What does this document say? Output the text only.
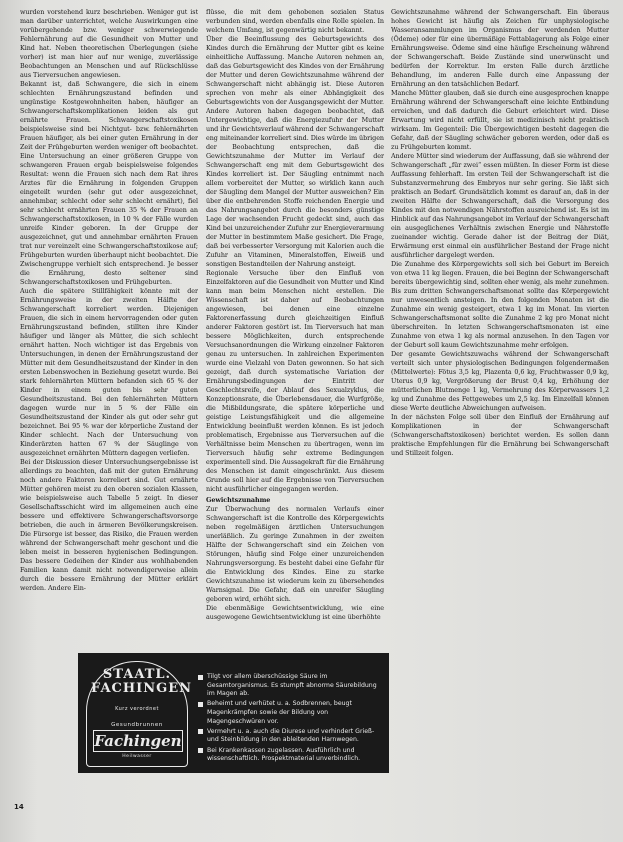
wurden vorstehend kurz beschrieben. Weniger gut ist man darüber unterrichtet, welche Auswirkungen eine vorübergehende bzw. weniger schwerwiegende Fehlernährung auf die Gesundheit von Mutter und Kind hat. Neben theoretischen Überlegungen (siehe vorher) ist man hier auf nur wenige, zuverlässige Beobachtungen an Menschen und auf Rückschlüsse aus Tierversuchen angewiesen.

Bekannt ist, daß Schwangere, die sich in einem schlechten Ernährungszustand befinden und ungünstige Kostgewohnheiten haben, häufiger an Schwangerschaftskomplikationen leiden als gut ernährte Frauen. Schwangerschaftstoxikosen beispielsweise sind bei Nichtgut- bzw. fehlernährten Frauen häufiger, als bei einer guten Ernährung in der Zeit der Frühgeburten werden weniger oft beobachtet. Eine Untersuchung an einer größeren Gruppe von schwangeren Frauen ergab beispielsweise folgendes Resultat: wenn die Frauen sich nach dem Rat ihres Arztes für die Ernährung in folgenden Gruppen eingeteilt wurden (sehr gut oder ausgezeichnet, annehmbar, schlecht oder sehr schlecht ernährt), fiel sehr schlecht ernährten Frauen 35 % der Frauen an Schwangerschaftstoxikosen, in 10 % der Fälle wurden unreife Kinder geboren. In der Gruppe der ausgezeichnet, gut und annehmbar ernährten Frauen trat nur vereinzelt eine Schwangerschaftstoxikose auf; Frühgeburten wurden überhaupt nicht beobachtet. Die Zwischengruppe verhielt sich entsprechend. Je besser die Ernährung, desto seltener sind Schwangerschaftstoxikosen und Frühgeburten.

Auch die spätere Stillfähigkeit könnte mit der Ernährungsweise in der zweiten Hälfte der Schwangerschaft korreliert werden. Diejenigen Frauen, die sich in einem hervorragenden oder guten Ernährungszustand befinden, stillten ihre Kinder häufiger und länger als Mütter, die sich schlecht ernährt hatten. Noch wichtiger ist das Ergebnis von Untersuchungen, in denen der Ernährungszustand der Mütter mit dem Gesundheitszustand der Kinder in den ersten Lebenswochen in Beziehung gesetzt wurde. Bei stark fehlernährten Müttern befanden sich 65 % der Kinder in einem guten bis sehr guten Gesundheitszustand. Bei den fehlernährten Müttern dagegen wurde nur in 5 % der Fälle ein Gesundheitszustand der Kinder als gut oder sehr gut bezeichnet. Bei 95 % war der körperliche Zustand der Kinder schlecht. Nach der Untersuchung von Kinderärzten hatten 67 % der Säuglinge von ausgezeichnet ernährten Müttern dagegen verliefen.

Bei der Diskussion dieser Untersuchungsergebnisse ist allerdings zu beachten, daß mit der guten Ernährung noch andere Faktoren korreliert sind. Gut ernährte Mütter gehören meist zu den oberen sozialen Klassen, wie beispielsweise auch Tabelle 5 zeigt. In dieser Gesellschaftsschicht wird im allgemeinen auch eine bessere und effektivere Schwangerschaftsvorsorge betrieben, die auch in ärmeren Bevölkerungskreisen. Die Fürsorge ist besser, das Risiko, die Frauen werden während der Schwangerschaft mehr geschont und die leben meist in besseren hygienischen Bedingungen. Das bessere Gedeihen der Kinder aus wohlhabenden Familien kann damit nicht notwendigerweise allein durch die bessere Ernährung der Mütter erklärt werden. Andere Ein-

flüsse, die mit dem gehobenen sozialen Status verbunden sind, werden ebenfalls eine Rolle spielen. In welchem Umfang, ist gegenwärtig nicht bekannt.

Über die Beeinflussung des Geburtsgewichts des Kindes durch die Ernährung der Mutter gibt es keine einheitliche Auffassung. Manche Autoren nehmen an, daß das Geburtsgewicht des Kindes von der Ernährung der Mutter und deren Gewichtszunahme während der Schwangerschaft nicht abhängig ist. Diese Autoren sprechen von mehr als einer Abhängigkeit des Geburtsgewichts von der Ausgangsgewicht der Mutter. Andere Autoren haben dagegen beobachtet, daß Untergewichtige, daß die Energiezufuhr der Mutter und ihr Gewichtsverlauf während der Schwangerschaft eng miteinander korreliert sind. Dies würde im übrigen der Beobachtung entsprechen, daß die Gewichtszunahme der Mutter im Verlauf der Schwangerschaft eng mit dem Geburtsgewicht des Kindes korreliert ist. Der Säugling entnimmt nach allem vorbereitet der Mutter, so wirklich kann auch der Säugling dem Mangel der Mutter ausweichen? Ein über die entbehrenden Stoffe reichenden Energie und das Nahrungsangebot durch die besonders günstige Lage der wachsenden Frucht gedeckt sind, auch das Kind bei unzureichender Zufuhr zur Energieverarmung der Mutter in bestimmtem Maße gesichert. Die Frage, daß bei verbesserter Versorgung mit Kalorien auch die Zufuhr an Vitaminen, Mineralstoffen, Eiweiß und sonstigen Bestandteilen der Nahrung ansteigt.

Regionale Versuche über den Einfluß von Einzelfaktoren auf die Gesundheit von Mutter und Kind kann man beim Menschen nicht erstellen. Die Wissenschaft ist daher auf Beobachtungen angewiesen, bei denen eine einzelne Faktorenerfassung durch gleichzeitigen Einfluß anderer Faktoren gestört ist. Im Tierversuch hat man bessere Möglichkeiten, durch entsprechende Versuchsanordnungen die Wirkung einzelner Faktoren genau zu untersuchen. In zahlreichen Experimenten wurde eine Vielzahl von Daten gewonnen. So hat sich gezeigt, daß durch systematische Variation der Ernährungsbedingungen der Eintritt der Geschlechtsreife, der Ablauf des Sexualzyklus, die Konzeptionsrate, die Überlebensdauer, die Wurfgröße, die Mißbildungsrate, die spätere körperliche und geistige Leistungsfähigkeit und die allgemeine Entwicklung beeinflußt werden können. Es ist jedoch problematisch, Ergebnisse aus Tierversuchen auf die Verhältnisse beim Menschen zu übertragen, wenn im Tierversuch häufig sehr extreme Bedingungen experimentell sind. Die Aussagekraft für die Ernährung des Menschen ist damit eingeschränkt. Aus diesem Grunde soll hier auf die Ergebnisse von Tierversuchen nicht ausführlicher eingegangen werden.

Gewichtszunahme

Zur Überwachung des normalen Verlaufs einer Schwangerschaft ist die Kontrolle des Körpergewichts neben regelmäßigen ärztlichen Untersuchungen unerläßlich. Zu geringe Zunahmen in der zweiten Hälfte der Schwangerschaft sind ein Zeichen von Störungen, häufig sind Folge einer unzureichenden Nahrungsversorgung. Es besteht dabei eine Gefahr für die Entwicklung des Kindes. Eine zu starke Gewichtszunahme ist wiederum kein zu übersehendes Warnsignal. Die Gefahr, daß ein unreifer Säugling geboren wird, erhöht sich.

Die ebenmäßige Gewichtsentwicklung, wie eine ausgewogene Gewichtsentwicklung ist eine überhöhte

Gewichtszunahme während der Schwangerschaft. Ein überaus hohes Gewicht ist häufig als Zeichen für unphysiologische Wasseransammlungen im Organismus der werdenden Mutter (Ödeme) oder für eine übermäßige Fettablagerung als Folge einer Ernährungsweise. Ödeme sind eine häufige Erscheinung während der Schwangerschaft. Beide Zustände sind unerwünscht und bedürfen der Korrektur. Im ersten Falle durch ärztliche Behandlung, im anderen Falle durch eine Anpassung der Ernährung an den tatsächlichen Bedarf.

Manche Mütter glauben, daß sie durch eine ausgesprochen knappe Ernährung während der Schwangerschaft eine leichte Entbindung erreichen, und daß dadurch die Geburt erleichtert wird. Diese Erwartung wird nicht erfüllt, sie ist medizinisch nicht praktisch wirksam. Im Gegenteil: Die Übergewichtigen besteht dagegen die Gefahr, daß der Säugling schwächer geboren werden, oder daß es zu Frühgeburten kommt.

Andere Mütter sind wiederum der Auffassung, daß sie während der Schwangerschaft „für zwei“ essen müßten. In dieser Form ist diese Auffassung fehlerhaft. Im ersten Teil der Schwangerschaft ist die Substanzvermehrung des Embryos nur sehr gering. Sie läßt sich praktisch an Bedarf. Grundsätzlich kommt es darauf an, daß in der zweiten Hälfte der Schwangerschaft, daß die Versorgung des Kindes mit den notwendigen Nährstoffen ausreichend ist. Es ist im Hinblick auf das Nahrungsangebot im Verlauf der Schwangerschaft ein ausgeglichenes Verhältnis zwischen Energie und Nährstoffe zueinander wichtig. Gerade daher ist der Beitrag der Diät, Erwärmung erst einmal ein ausführlicher Bestand der Frage nicht ausführlicher dargelegt werden.

Die Zunahme des Körpergewichts soll sich bei Geburt im Bereich von etwa 11 kg liegen. Frauen, die bei Beginn der Schwangerschaft bereits übergewichtig sind, sollten eher wenig, als mehr zunehmen. Bis zum dritten Schwangerschaftsmonat sollte das Körpergewicht nur unwesentlich ansteigen. In den folgenden Monaten ist die Zunahme ein wenig gesteigert, etwa 1 kg im Monat. Im vierten Schwangerschaftsmonat sollte die Zunahme 2 kg pro Monat nicht überschreiten. In letzten Schwangerschaftsmonaten ist eine Zunahme von etwa 1 kg als normal anzusehen. In den Tagen vor der Geburt soll kaum Gewichtszunahme mehr erfolgen.

Der gesamte Gewichtszuwachs während der Schwangerschaft verteilt sich unter physiologischen Bedingungen folgendermaßen (Mittelwerte): Fötus 3,5 kg, Plazenta 0,6 kg, Fruchtwasser 0,9 kg, Uterus 0,9 kg, Vergrößerung der Brust 0,4 kg, Erhöhung der mütterlichen Blutmenge 1 kg, Vermehrung des Körperwassers 1,2 kg und Zunahme des Fettgewebes um 2,5 kg. Im Einzelfall können diese Werte deutliche Abweichungen aufweisen.

In der nächsten Folge soll über den Einfluß der Ernährung auf Komplikationen in der Schwangerschaft (Schwangerschaftstoxikosen) berichtet werden. Es sollen dann praktische Empfehlungen für die Ernährung bei Schwangerschaft und Stillzeit folgen.

STAATL. FACHINGEN
Kurz verordnet
Gesundbrunnen
Fachingen
Heilwasser
Tilgt vor allem überschüssige Säure im Gesamtorganismus. Es stumpft abnorme Säurebildung im Magen ab.
Beheimt und verhütet u. a. Sodbrennen, beugt Magenkrämpfen sowie der Bildung von Magengeschwüren vor.
Vermehrt u. a. auch die Diurese und verhindert Grieß- und Steinbildung in den ableitenden Harnwegen.
Bei Krankenkassen zugelassen. Ausführlich und wissenschaftlich. Prospektmaterial unverbindlich.
14
